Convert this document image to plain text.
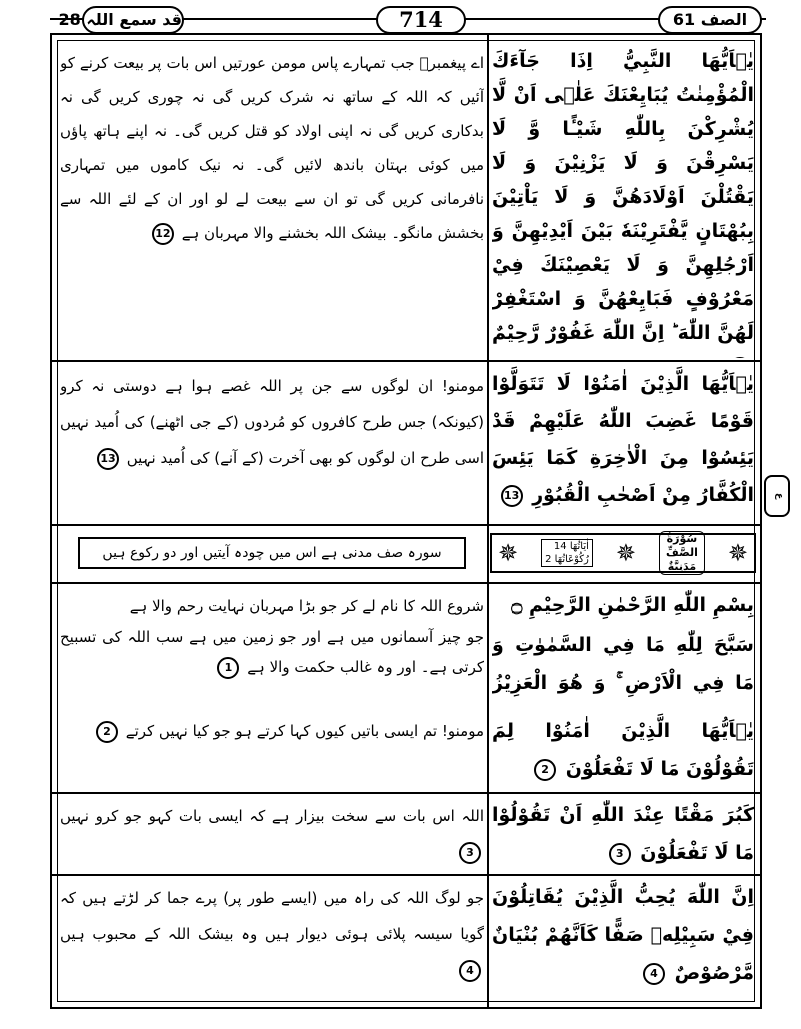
قد سمع اللہ 28	714	الصف 61
ع
يٰۤاَيُّهَا النَّبِيُّ اِذَا جَآءَكَ الْمُؤْمِنٰتُ يُبَايِعْنَكَ عَلٰۤى اَنْ لَّا يُشْرِكْنَ بِاللّٰهِ شَيْـًٔا وَّ لَا يَسْرِقْنَ وَ لَا يَزْنِيْنَ وَ لَا يَقْتُلْنَ اَوْلَادَهُنَّ وَ لَا يَاْتِيْنَ بِبُهْتَانٍ يَّفْتَرِيْنَهٗ بَيْنَ اَيْدِيْهِنَّ وَ اَرْجُلِهِنَّ وَ لَا يَعْصِيْنَكَ فِيْ مَعْرُوْفٍ فَبَايِعْهُنَّ وَ اسْتَغْفِرْ لَهُنَّ اللّٰهَ ؕ اِنَّ اللّٰهَ غَفُوْرٌ رَّحِيْمٌ
اے پیغمبرؐ جب تمہارے پاس مومن عورتیں اس بات پر بیعت کرنے کو آئیں کہ اللہ کے ساتھ نہ شرک کریں گی نہ چوری کریں گی نہ بدکاری کریں گی نہ اپنی اولاد کو قتل کریں گی۔ نہ اپنے ہاتھ پاؤں میں کوئی بہتان باندھ لائیں گی۔ نہ نیک کاموں میں تمہاری نافرمانی کریں گی تو ان سے بیعت لے لو اور ان کے لئے اللہ سے بخشش مانگو۔ بیشک اللہ بخشنے والا مہربان ہے 12
يٰۤاَيُّهَا الَّذِيْنَ اٰمَنُوْا لَا تَتَوَلَّوْا قَوْمًا غَضِبَ اللّٰهُ عَلَيْهِمْ قَدْ يَئِسُوْا مِنَ الْاٰخِرَةِ كَمَا يَئِسَ الْكُفَّارُ مِنْ اَصْحٰبِ الْقُبُوْرِ 13
مومنو! ان لوگوں سے جن پر اللہ غصے ہوا ہے دوستی نہ کرو (کیونکہ) جس طرح کافروں کو مُردوں (کے جی اٹھنے) کی اُمید نہیں اسی طرح ان لوگوں کو بھی آخرت (کے آنے) کی اُمید نہیں 13
✵	اٰيَاتُهَا 14
رُكُوْعَاتُهَا 2 ✵
سُوْرَةُ
الصَّفِّ
مَدَنِيَّةٌ ✵
سورہ صف مدنی ہے اس میں چودہ آیتیں اور دو رکوع ہیں
بِسْمِ اللّٰهِ الرَّحْمٰنِ الرَّحِيْمِ ۝
شروع اللہ کا نام لے کر جو بڑا مہربان نہایت رحم والا ہے
سَبَّحَ لِلّٰهِ مَا فِي السَّمٰوٰتِ وَ مَا فِي الْاَرْضِ ۚ وَ هُوَ الْعَزِيْزُ
جو چیز آسمانوں میں ہے اور جو زمین میں ہے سب اللہ کی تسبیح کرتی ہے۔ اور وہ غالب حکمت والا ہے 1
يٰۤاَيُّهَا الَّذِيْنَ اٰمَنُوْا لِمَ تَقُوْلُوْنَ مَا لَا تَفْعَلُوْنَ 2
مومنو! تم ایسی باتیں کیوں کہا کرتے ہو جو کیا نہیں کرتے 2
كَبُرَ مَقْتًا عِنْدَ اللّٰهِ اَنْ تَقُوْلُوْا مَا لَا تَفْعَلُوْنَ 3
اللہ اس بات سے سخت بیزار ہے کہ ایسی بات کہو جو کرو نہیں 3
اِنَّ اللّٰهَ يُحِبُّ الَّذِيْنَ يُقَاتِلُوْنَ فِيْ سَبِيْلِهٖ صَفًّا كَاَنَّهُمْ بُنْيَانٌ مَّرْصُوْصٌ 4
جو لوگ اللہ کی راہ میں (ایسے طور پر) پرے جما کر لڑتے ہیں کہ گویا سیسہ پلائی ہوئی دیوار ہیں وہ بیشک اللہ کے محبوب ہیں 4
